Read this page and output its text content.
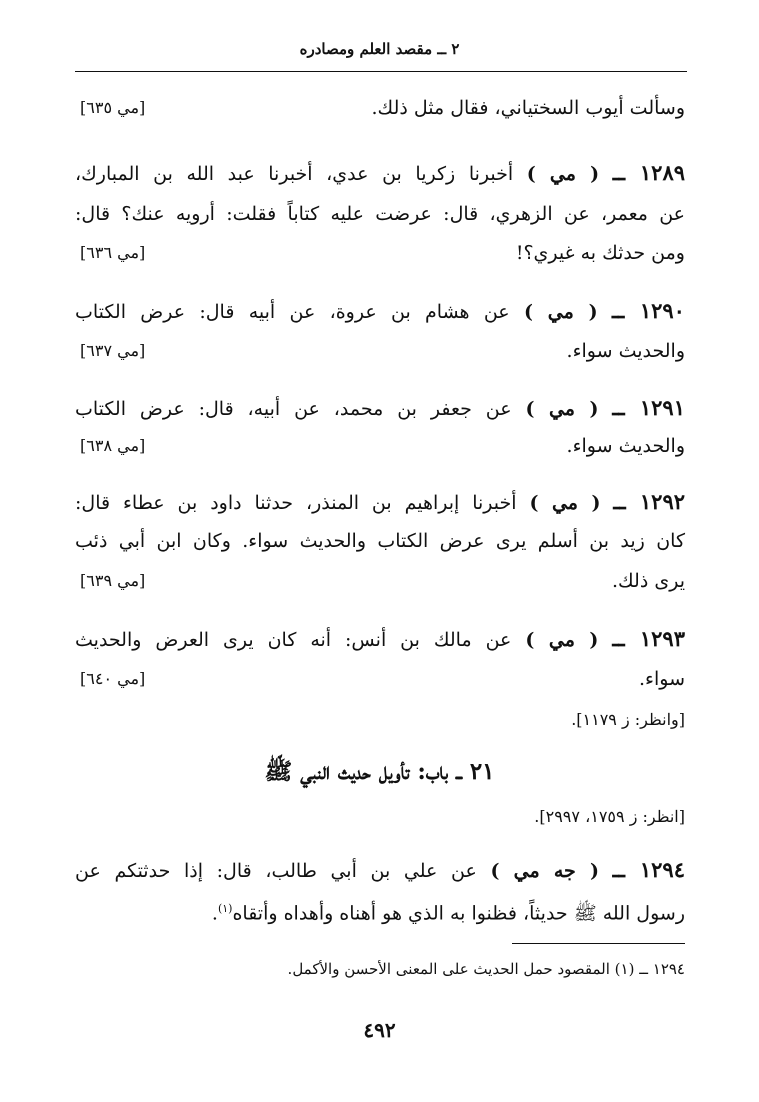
٢ ــ مقصد العلم ومصادره
وسألت أيوب السختياني، فقال مثل ذلك.
[مي ٦٣٥]
١٢٨٩ ــ ( مي ) أخبرنا زكريا بن عدي، أخبرنا عبد الله بن المبارك،
عن معمر، عن الزهري، قال: عرضت عليه كتاباً فقلت: أرويه عنك؟ قال:
ومن حدثك به غيري؟!
[مي ٦٣٦]
١٢٩٠ ــ ( مي ) عن هشام بن عروة، عن أبيه قال: عرض الكتاب
والحديث سواء.
[مي ٦٣٧]
١٢٩١ ــ ( مي ) عن جعفر بن محمد، عن أبيه، قال: عرض الكتاب
والحديث سواء.
[مي ٦٣٨]
١٢٩٢ ــ ( مي ) أخبرنا إبراهيم بن المنذر، حدثنا داود بن عطاء قال:
كان زيد بن أسلم يرى عرض الكتاب والحديث سواء. وكان ابن أبي ذئب
يرى ذلك.
[مي ٦٣٩]
١٢٩٣ ــ ( مي ) عن مالك بن أنس: أنه كان يرى العرض والحديث
سواء.
[مي ٦٤٠]
[وانظر: ز ١١٧٩].
٢١ ــ باب: تأويل حديث النبي ﷺ
[انظر: ز ١٧٥٩، ٢٩٩٧].
١٢٩٤ ــ ( جه مي ) عن علي بن أبي طالب، قال: إذا حدثتكم عن
رسول الله ﷺ حديثاً، فظنوا به الذي هو أهناه وأهداه وأتقاه$^{(١)}$.
١٢٩٤ ــ (١) المقصود حمل الحديث على المعنى الأحسن والأكمل.
٤٩٢
